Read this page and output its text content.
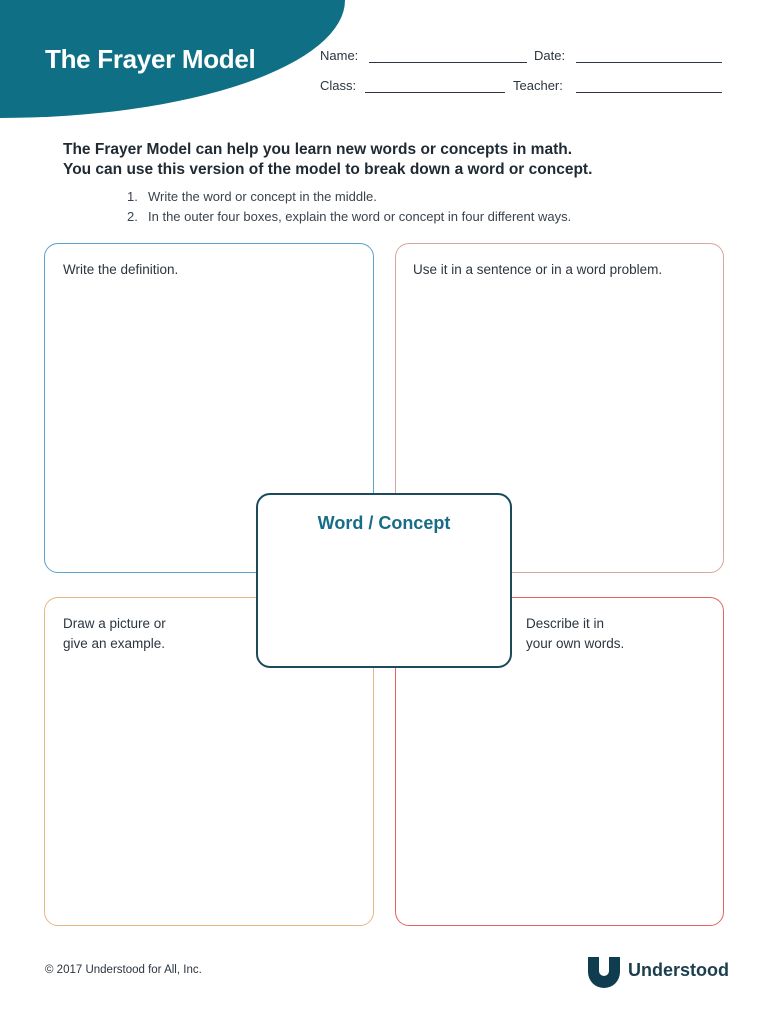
The Frayer Model	Name:	Date:
Class:	Teacher:
The Frayer Model can help you learn new words or concepts in math.
You can use this version of the model to break down a word or concept.
1. Write the word or concept in the middle.
2. In the outer four boxes, explain the word or concept in four different ways.
Write the definition.	Use it in a sentence or in a word problem.
Draw a picture or
give an example.
Describe it in
your own words.
Word / Concept
© 2017 Understood for All, Inc.	Understood
